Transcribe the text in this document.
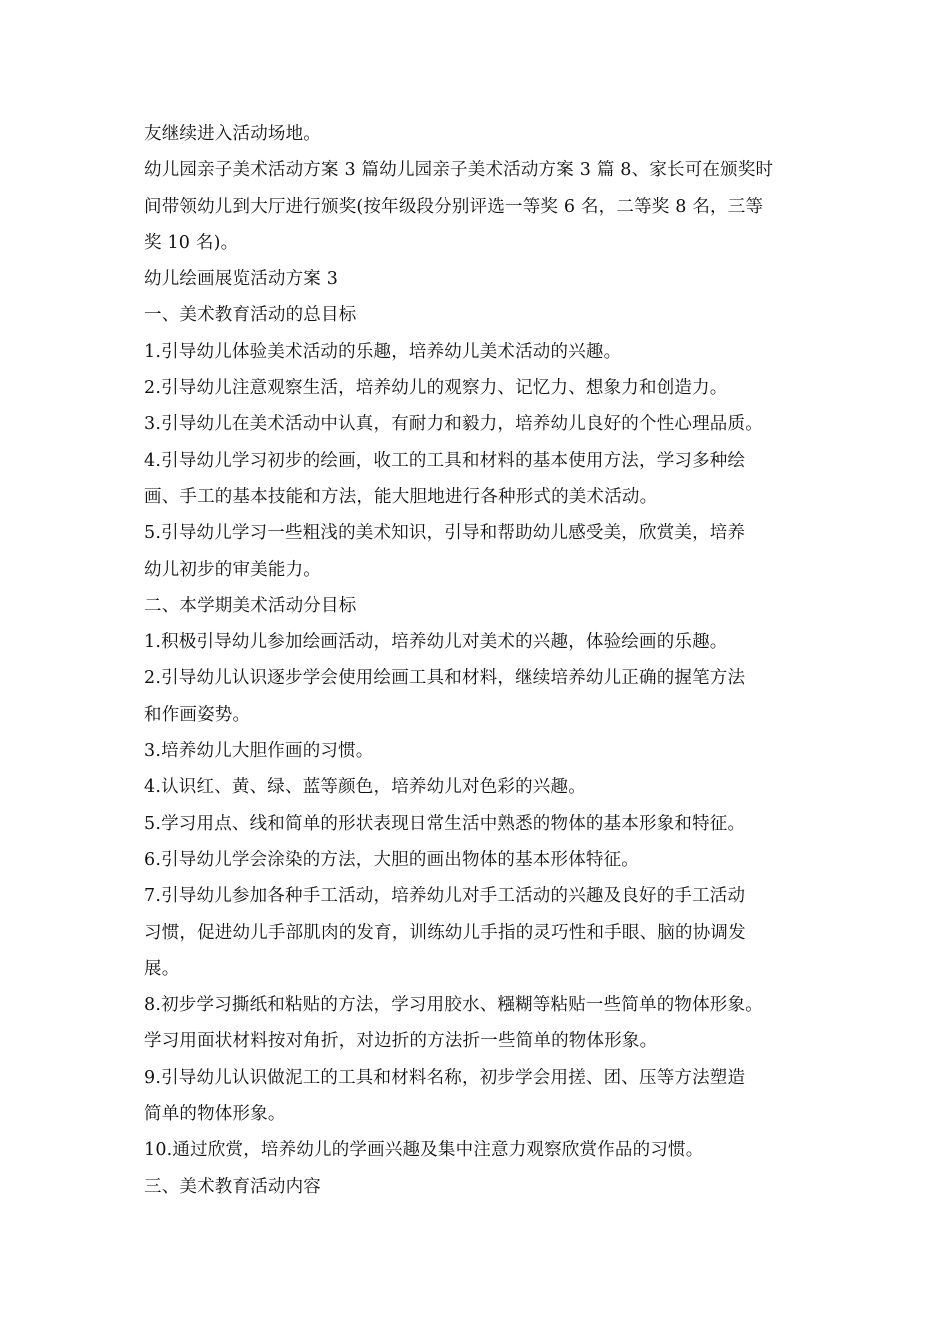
友继续进入活动场地。
幼儿园亲子美术活动方案 3 篇幼儿园亲子美术活动方案 3 篇 8、家长可在颁奖时
间带领幼儿到大厅进行颁奖(按年级段分别评选一等奖 6 名，二等奖 8 名，三等
奖 10 名)。
幼儿绘画展览活动方案 3
一、美术教育活动的总目标
1.引导幼儿体验美术活动的乐趣，培养幼儿美术活动的兴趣。
2.引导幼儿注意观察生活，培养幼儿的观察力、记忆力、想象力和创造力。
3.引导幼儿在美术活动中认真，有耐力和毅力，培养幼儿良好的个性心理品质。
4.引导幼儿学习初步的绘画，收工的工具和材料的基本使用方法，学习多种绘
画、手工的基本技能和方法，能大胆地进行各种形式的美术活动。
5.引导幼儿学习一些粗浅的美术知识，引导和帮助幼儿感受美，欣赏美，培养
幼儿初步的审美能力。
二、本学期美术活动分目标
1.积极引导幼儿参加绘画活动，培养幼儿对美术的兴趣，体验绘画的乐趣。
2.引导幼儿认识逐步学会使用绘画工具和材料，继续培养幼儿正确的握笔方法
和作画姿势。
3.培养幼儿大胆作画的习惯。
4.认识红、黄、绿、蓝等颜色，培养幼儿对色彩的兴趣。
5.学习用点、线和简单的形状表现日常生活中熟悉的物体的基本形象和特征。
6.引导幼儿学会涂染的方法，大胆的画出物体的基本形体特征。
7.引导幼儿参加各种手工活动，培养幼儿对手工活动的兴趣及良好的手工活动
习惯，促进幼儿手部肌肉的发育，训练幼儿手指的灵巧性和手眼、脑的协调发
展。
8.初步学习撕纸和粘贴的方法，学习用胶水、糨糊等粘贴一些简单的物体形象。
学习用面状材料按对角折，对边折的方法折一些简单的物体形象。
9.引导幼儿认识做泥工的工具和材料名称，初步学会用搓、团、压等方法塑造
简单的物体形象。
10.通过欣赏，培养幼儿的学画兴趣及集中注意力观察欣赏作品的习惯。
三、美术教育活动内容
